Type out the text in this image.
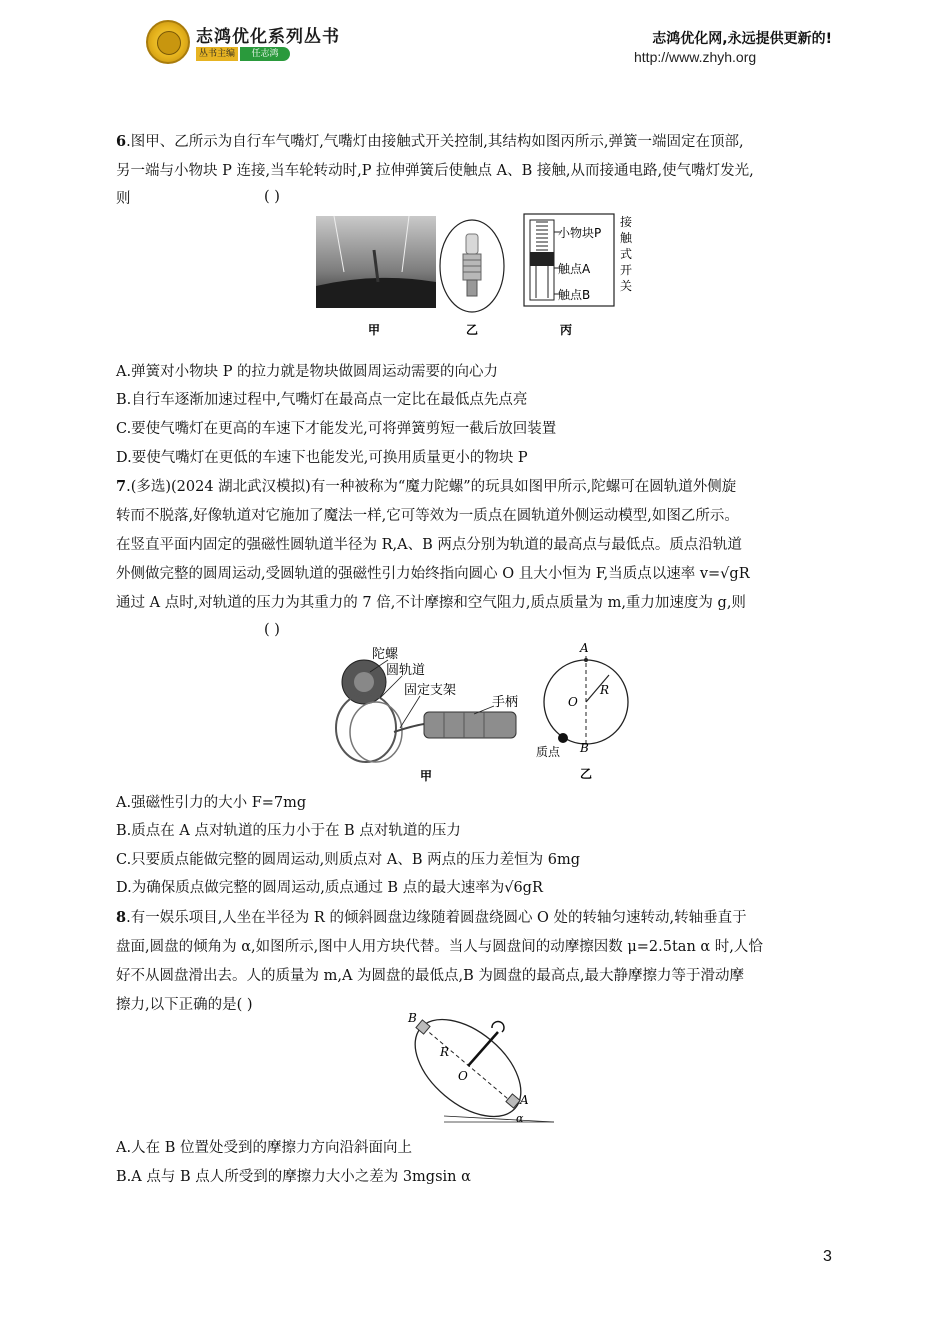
志鸿优化系列丛书
丛书主编	任志鸿
志鸿优化网,永远提供更新的!
http://www.zhyh.org
6.图甲、乙所示为自行车气嘴灯,气嘴灯由接触式开关控制,其结构如图丙所示,弹簧一端固定在顶部,
另一端与小物块 P 连接,当车轮转动时,P 拉伸弹簧后使触点 A、B 接触,从而接通电路,使气嘴灯发光,
则	( )
小物块P
触点A
触点B
接
触
式
开
关
甲	乙	丙
A.弹簧对小物块 P 的拉力就是物块做圆周运动需要的向心力
B.自行车逐渐加速过程中,气嘴灯在最高点一定比在最低点先点亮
C.要使气嘴灯在更高的车速下才能发光,可将弹簧剪短一截后放回装置
D.要使气嘴灯在更低的车速下也能发光,可换用质量更小的物块 P
7.(多选)(2024 湖北武汉模拟)有一种被称为“魔力陀螺”的玩具如图甲所示,陀螺可在圆轨道外侧旋
转而不脱落,好像轨道对它施加了魔法一样,它可等效为一质点在圆轨道外侧运动模型,如图乙所示。
在竖直平面内固定的强磁性圆轨道半径为 R,A、B 两点分别为轨道的最高点与最低点。质点沿轨道
外侧做完整的圆周运动,受圆轨道的强磁性引力始终指向圆心 O 且大小恒为 F,当质点以速率 v=√gR
通过 A 点时,对轨道的压力为其重力的 7 倍,不计摩擦和空气阻力,质点质量为 m,重力加速度为 g,则
( )
陀螺
圆轨道
固定支架
手柄
甲
A
O
R
B
质点
乙
A.强磁性引力的大小 F=7mg
B.质点在 A 点对轨道的压力小于在 B 点对轨道的压力
C.只要质点能做完整的圆周运动,则质点对 A、B 两点的压力差恒为 6mg
D.为确保质点做完整的圆周运动,质点通过 B 点的最大速率为√6gR
8.有一娱乐项目,人坐在半径为 R 的倾斜圆盘边缘随着圆盘绕圆心 O 处的转轴匀速转动,转轴垂直于
盘面,圆盘的倾角为 α,如图所示,图中人用方块代替。当人与圆盘间的动摩擦因数 μ=2.5tan α 时,人恰
好不从圆盘滑出去。人的质量为 m,A 为圆盘的最低点,B 为圆盘的最高点,最大静摩擦力等于滑动摩
擦力,以下正确的是( )
B
R
O
A
α
A.人在 B 位置处受到的摩擦力方向沿斜面向上
B.A 点与 B 点人所受到的摩擦力大小之差为 3mgsin α
3
